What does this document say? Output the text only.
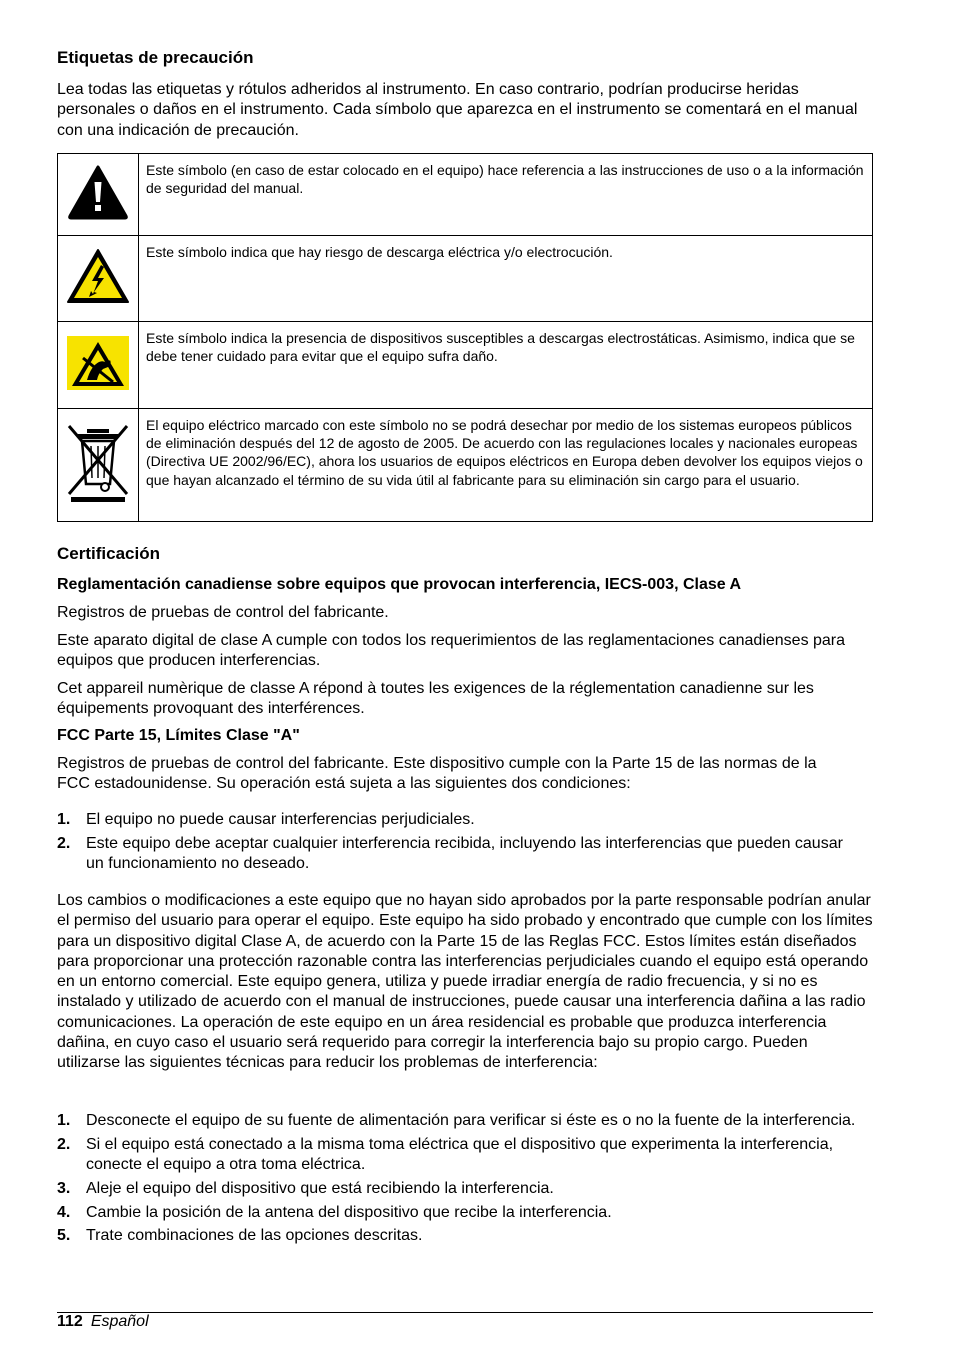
Etiquetas de precaución

Lea todas las etiquetas y rótulos adheridos al instrumento. En caso contrario, podrían producirse heridas personales o daños en el instrumento. Cada símbolo que aparezca en el instrumento se comentará en el manual con una indicación de precaución.

	Este símbolo (en caso de estar colocado en el equipo) hace referencia a las instrucciones de uso o a la información de seguridad del manual.
	Este símbolo indica que hay riesgo de descarga eléctrica y/o electrocución.
	Este símbolo indica la presencia de dispositivos susceptibles a descargas electrostáticas. Asimismo, indica que se debe tener cuidado para evitar que el equipo sufra daño.
	El equipo eléctrico marcado con este símbolo no se podrá desechar por medio de los sistemas europeos públicos de eliminación después del 12 de agosto de 2005. De acuerdo con las regulaciones locales y nacionales europeas (Directiva UE 2002/96/EC), ahora los usuarios de equipos eléctricos en Europa deben devolver los equipos viejos o que hayan alcanzado el término de su vida útil al fabricante para su eliminación sin cargo para el usuario.
Certificación
Reglamentación canadiense sobre equipos que provocan interferencia, IECS-003, Clase A

Registros de pruebas de control del fabricante.

Este aparato digital de clase A cumple con todos los requerimientos de las reglamentaciones canadienses para equipos que producen interferencias.

Cet appareil numèrique de classe A répond à toutes les exigences de la réglementation canadienne sur les équipements provoquant des interférences.

FCC Parte 15, Límites Clase "A"

Registros de pruebas de control del fabricante. Este dispositivo cumple con la Parte 15 de las normas de la FCC estadounidense. Su operación está sujeta a las siguientes dos condiciones:

1. El equipo no puede causar interferencias perjudiciales.
2. Este equipo debe aceptar cualquier interferencia recibida, incluyendo las interferencias que pueden causar un funcionamiento no deseado.

Los cambios o modificaciones a este equipo que no hayan sido aprobados por la parte responsable podrían anular el permiso del usuario para operar el equipo. Este equipo ha sido probado y encontrado que cumple con los límites para un dispositivo digital Clase A, de acuerdo con la Parte 15 de las Reglas FCC. Estos límites están diseñados para proporcionar una protección razonable contra las interferencias perjudiciales cuando el equipo está operando en un entorno comercial. Este equipo genera, utiliza y puede irradiar energía de radio frecuencia, y si no es instalado y utilizado de acuerdo con el manual de instrucciones, puede causar una interferencia dañina a las radio comunicaciones. La operación de este equipo en un área residencial es probable que produzca interferencia dañina, en cuyo caso el usuario será requerido para corregir la interferencia bajo su propio cargo. Pueden utilizarse las siguientes técnicas para reducir los problemas de interferencia:

1. Desconecte el equipo de su fuente de alimentación para verificar si éste es o no la fuente de la interferencia.
2. Si el equipo está conectado a la misma toma eléctrica que el dispositivo que experimenta la interferencia, conecte el equipo a otra toma eléctrica.
3. Aleje el equipo del dispositivo que está recibiendo la interferencia.
4. Cambie la posición de la antena del dispositivo que recibe la interferencia.
5. Trate combinaciones de las opciones descritas.
112 Español
